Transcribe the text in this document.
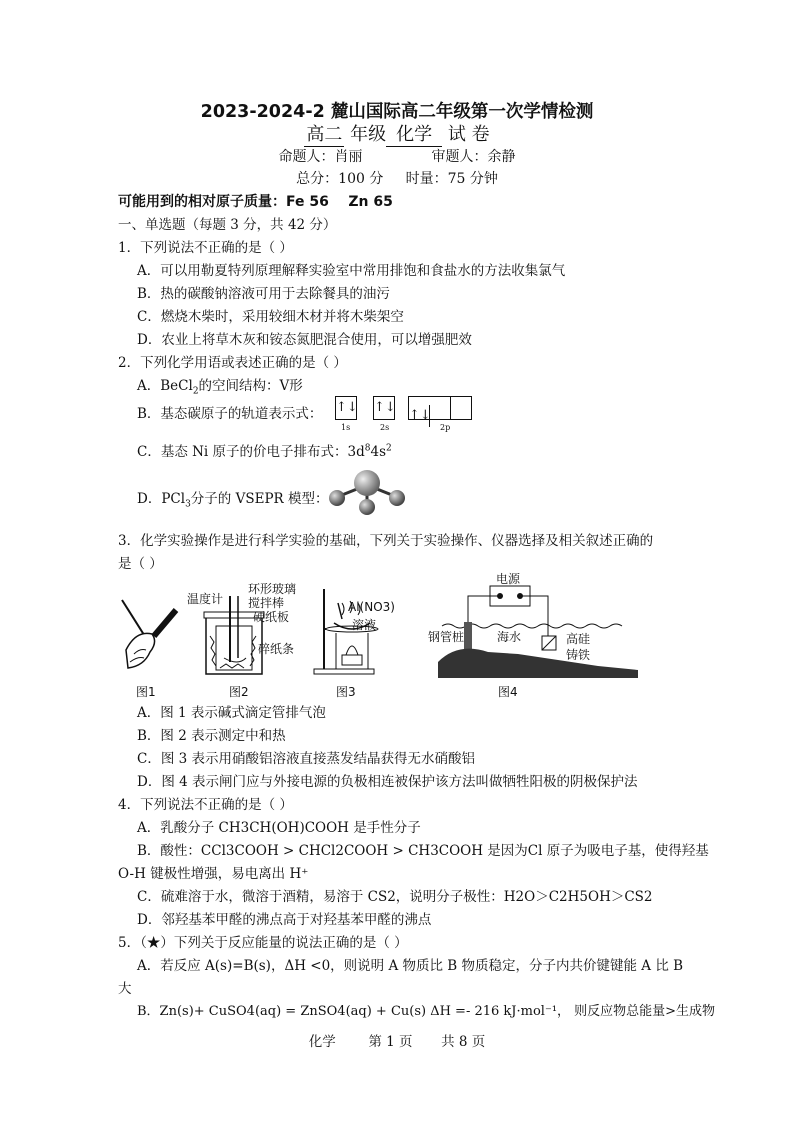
2023-2024-2 麓山国际高二年级第一次学情检测
高二 年级 化学 试 卷
命题人：肖丽	审题人：余静
总分：100 分     时量：75 分钟
可能用到的相对原子质量：Fe 56    Zn 65
一、单选题（每题 3 分，共 42 分）
1．下列说法不正确的是（ ）
A．可以用勒夏特列原理解释实验室中常用排饱和食盐水的方法收集氯气
B．热的碳酸钠溶液可用于去除餐具的油污
C．燃烧木柴时，采用较细木材并将木柴架空
D．农业上将草木灰和铵态氮肥混合使用，可以增强肥效
2．下列化学用语或表述正确的是（ ）
A．BeCl$_2$的空间结构：V形
B．基态碳原子的轨道表示式： ↑↓ ↑↓
↑↓
1s	2s	2p
C．基态 Ni 原子的价电子排布式：$3d^84s^2$
D．PCl$_3$分子的 VSEPR 模型：
3．化学实验操作是进行科学实验的基础，下列关于实验操作、仪器选择及相关叙述正确的
是（ ）
图1
温度计
环形玻璃
搅拌棒
硬纸板
碎纸条
图2
Al(NO3)
溶液
图3
电源
钢管桩	海水	高硅
铸铁
图4
A．图 1 表示碱式滴定管排气泡
B．图 2 表示测定中和热
C．图 3 表示用硝酸铝溶液直接蒸发结晶获得无水硝酸铝
D．图 4 表示闸门应与外接电源的负极相连被保护该方法叫做牺牲阳极的阴极保护法
4．下列说法不正确的是（ ）
A．乳酸分子 CH3CH(OH)COOH 是手性分子
B．酸性：CCl3COOH > CHCl2COOH > CH3COOH 是因为Cl 原子为吸电子基，使得羟基
O-H 键极性增强，易电离出 H⁺
C．硫难溶于水，微溶于酒精，易溶于 CS2，说明分子极性：H2O＞C2H5OH＞CS2
D．邻羟基苯甲醛的沸点高于对羟基苯甲醛的沸点
5．（★）下列关于反应能量的说法正确的是（ ）
A．若反应 A(s)=B(s)，ΔH <0，则说明 A 物质比 B 物质稳定，分子内共价键键能 A 比 B
大
B．Zn(s)+ CuSO4(aq) = ZnSO4(aq) + Cu(s) ΔH =- 216 kJ·mol⁻¹， 则反应物总能量>生成物
化学 第 1 页 共 8 页
